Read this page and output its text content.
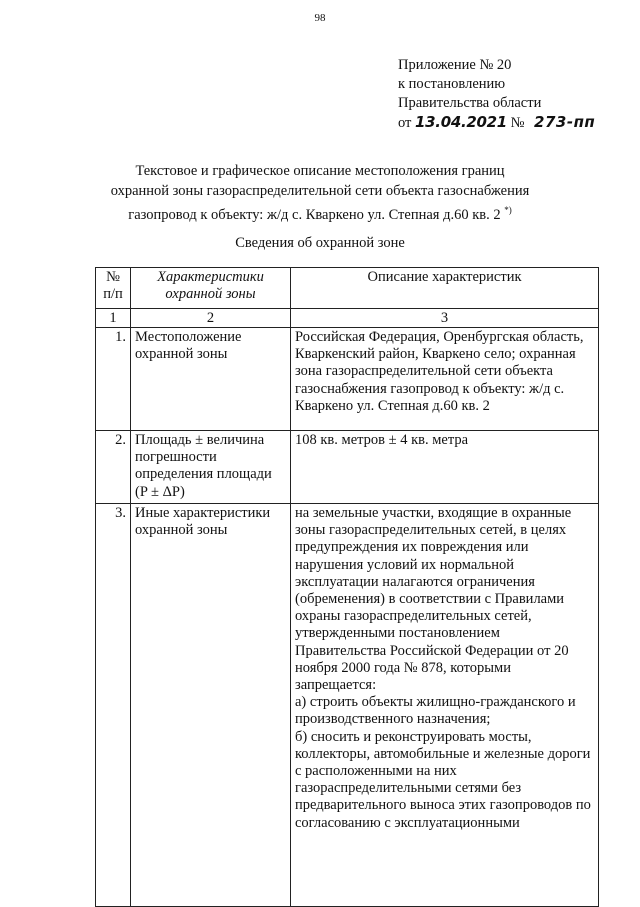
98
Приложение № 20
к постановлению
Правительства области
от 13.04.2021 № 273-пп
Текстовое и графическое описание местоположения границ
охранной зоны газораспределительной сети объекта газоснабжения
газопровод к объекту: ж/д с. Кваркено ул. Степная д.60 кв. 2 *)
Сведения об охранной зоне
№ п/п	Характеристики охранной зоны	Описание характеристик
1	2	3
1.	Местоположение охранной зоны	Российская Федерация, Оренбургская область, Кваркенский район, Кваркено село; охранная зона газораспределительной сети объекта газоснабжения газопровод к объекту: ж/д с. Кваркено ул. Степная д.60 кв. 2
2.	Площадь ± величина погрешности определения площади (P ± ΔP)	108 кв. метров ± 4 кв. метра
3.	Иные характеристики охранной зоны	на земельные участки, входящие в охранные зоны газораспределительных сетей, в целях предупреждения их повреждения или нарушения условий их нормальной эксплуатации налагаются ограничения (обременения) в соответствии с Правилами охраны газораспределительных сетей, утвержденными постановлением Правительства Российской Федерации от 20 ноября 2000 года № 878, которыми запрещается:
а) строить объекты жилищно-гражданского и производственного назначения;
б) сносить и реконструировать мосты, коллекторы, автомобильные и железные дороги с расположенными на них газораспределительными сетями без предварительного выноса этих газопроводов по согласованию с эксплуатационными
